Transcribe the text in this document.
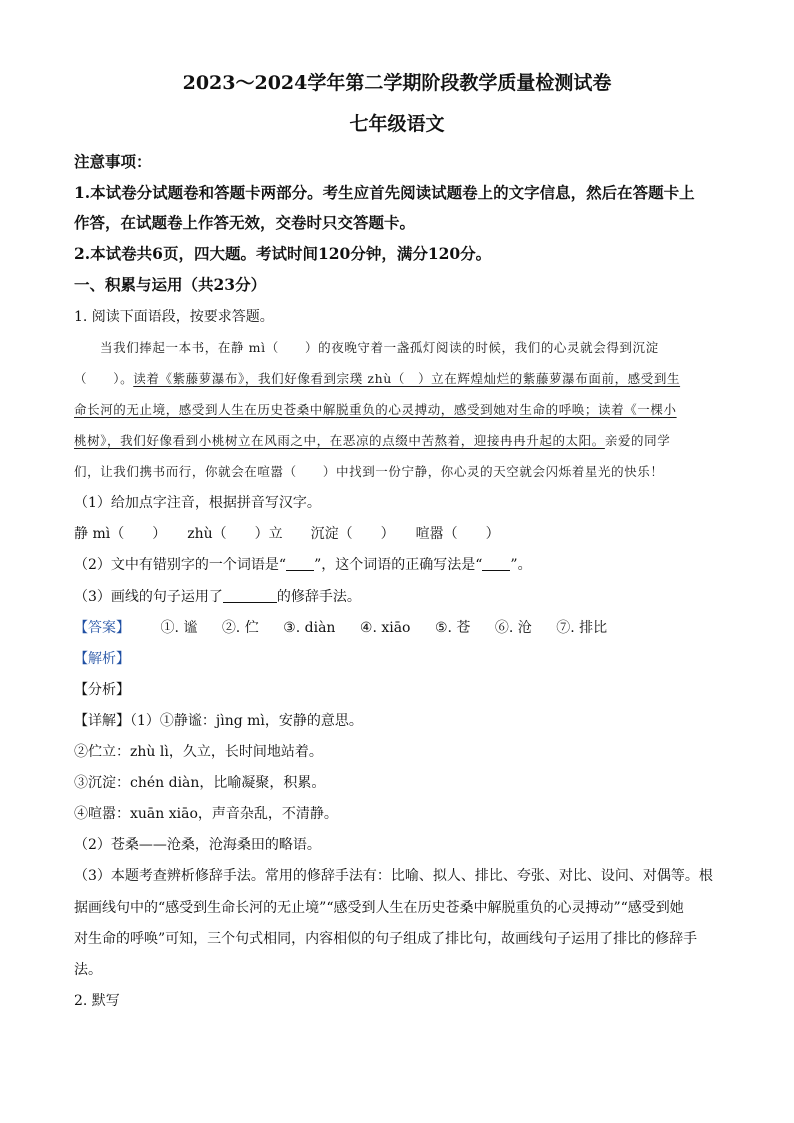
2023～2024学年第二学期阶段教学质量检测试卷
七年级语文
注意事项：
1.本试卷分试题卷和答题卡两部分。考生应首先阅读试题卷上的文字信息，然后在答题卡上
作答，在试题卷上作答无效，交卷时只交答题卡。
2.本试卷共6页，四大题。考试时间120分钟，满分120分。
一、积累与运用（共23分）
1. 阅读下面语段，按要求答题。
当我们捧起一本书，在静 mì（　　）的夜晚守着一盏孤灯阅读的时候，我们的心灵就会得到沉淀
（　　）。读着《紫藤萝瀑布》，我们好像看到宗璞 zhù（　）立在辉煌灿烂的紫藤萝瀑布面前，感受到生
命长河的无止境，感受到人生在历史苍桑中解脱重负的心灵搏动，感受到她对生命的呼唤；读着《一棵小
桃树》，我们好像看到小桃树立在风雨之中，在恶凉的点缀中苦熬着，迎接冉冉升起的太阳。亲爱的同学
们，让我们携书而行，你就会在喧嚣（　　）中找到一份宁静，你心灵的天空就会闪烁着星光的快乐！
（1）给加点字注音，根据拼音写汉字。
静 mì（　　）　　zhù（　　）立　　沉淀（　　）　　喧嚣（　　）
（2）文中有错别字的一个词语是“ ”，这个词语的正确写法是“ ”。
（3）画线的句子运用了	的修辞手法。
【答案】 ①. 谧 ②. 伫 ③. diàn ④. xiāo ⑤. 苍 ⑥. 沧 ⑦. 排比
【解析】
【分析】
【详解】（1）①静谧：jìng mì，安静的意思。
②伫立：zhù lì，久立，长时间地站着。
③沉淀：chén diàn，比喻凝聚，积累。
④喧嚣：xuān xiāo，声音杂乱，不清静。
（2）苍桑——沧桑，沧海桑田的略语。
（3）本题考查辨析修辞手法。常用的修辞手法有：比喻、拟人、排比、夸张、对比、设问、对偶等。根
据画线句中的“感受到生命长河的无止境”“感受到人生在历史苍桑中解脱重负的心灵搏动”“感受到她
对生命的呼唤”可知，三个句式相同，内容相似的句子组成了排比句，故画线句子运用了排比的修辞手
法。
2. 默写
